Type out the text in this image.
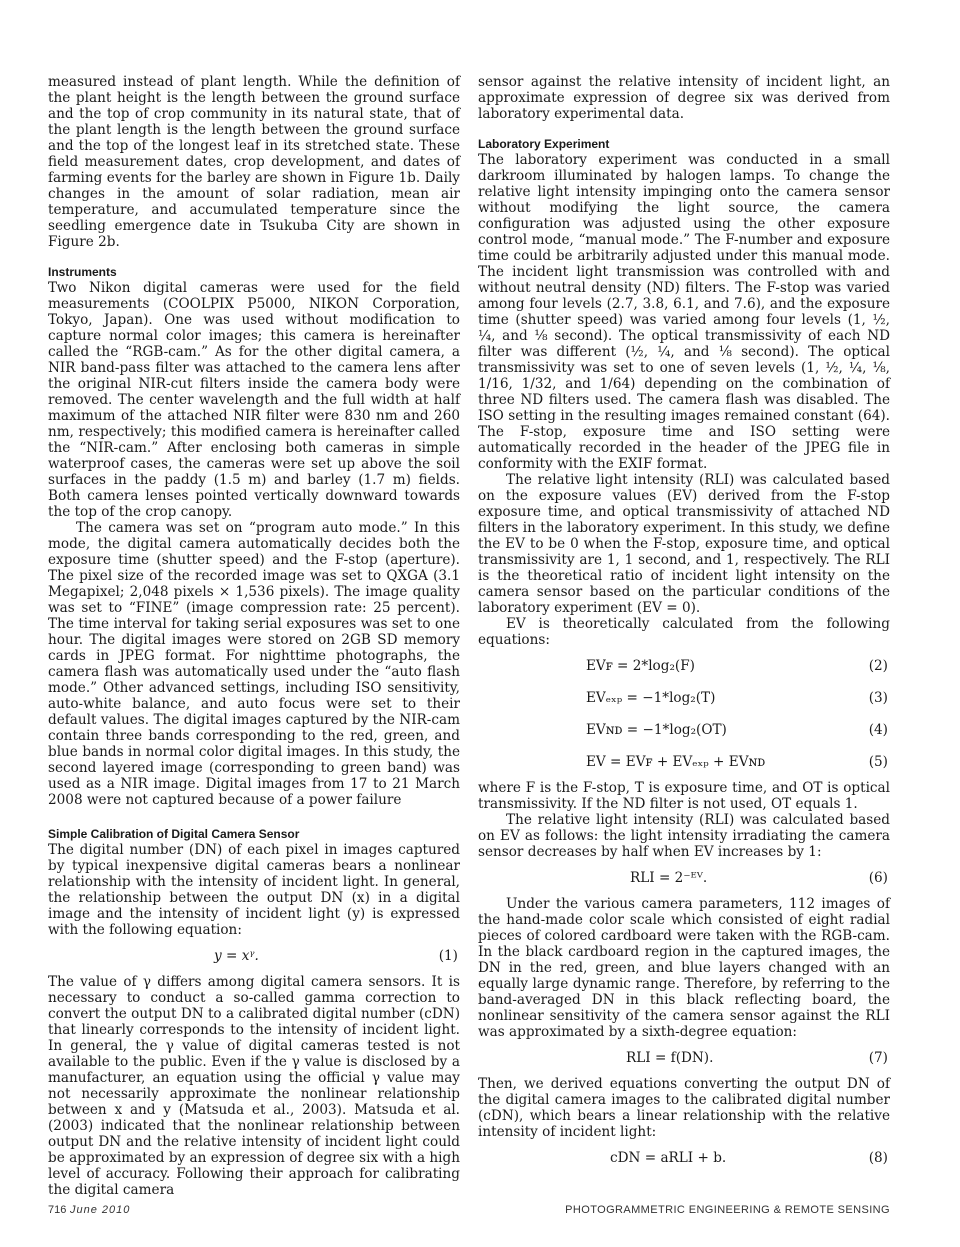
measured instead of plant length. While the definition of the plant height is the length between the ground surface and the top of crop community in its natural state, that of the plant length is the length between the ground surface and the top of the longest leaf in its stretched state. These field measurement dates, crop development, and dates of farming events for the barley are shown in Figure 1b. Daily changes in the amount of solar radiation, mean air temperature, and accumulated temperature since the seedling emergence date in Tsukuba City are shown in Figure 2b.

Instruments

Two Nikon digital cameras were used for the field measurements (COOLPIX P5000, NIKON Corporation, Tokyo, Japan). One was used without modification to capture normal color images; this camera is hereinafter called the “RGB-cam.” As for the other digital camera, a NIR band-pass filter was attached to the camera lens after the original NIR-cut filters inside the camera body were removed. The center wavelength and the full width at half maximum of the attached NIR filter were 830 nm and 260 nm, respectively; this modified camera is hereinafter called the “NIR-cam.” After enclosing both cameras in simple waterproof cases, the cameras were set up above the soil surfaces in the paddy (1.5 m) and barley (1.7 m) fields. Both camera lenses pointed vertically downward towards the top of the crop canopy.

The camera was set on “program auto mode.” In this mode, the digital camera automatically decides both the exposure time (shutter speed) and the F-stop (aperture). The pixel size of the recorded image was set to QXGA (3.1 Megapixel; 2,048 pixels × 1,536 pixels). The image quality was set to “FINE” (image compression rate: 25 percent). The time interval for taking serial exposures was set to one hour. The digital images were stored on 2GB SD memory cards in JPEG format. For nighttime photographs, the camera flash was automatically used under the “auto flash mode.” Other advanced settings, including ISO sensitivity, auto-white balance, and auto focus were set to their default values. The digital images captured by the NIR-cam contain three bands corresponding to the red, green, and blue bands in normal color digital images. In this study, the second layered image (corresponding to green band) was used as a NIR image. Digital images from 17 to 21 March 2008 were not captured because of a power failure

Simple Calibration of Digital Camera Sensor

The digital number (DN) of each pixel in images captured by typical inexpensive digital cameras bears a nonlinear relationship with the intensity of incident light. In general, the relationship between the output DN (x) in a digital image and the intensity of incident light (y) is expressed with the following equation:

y = xᵞ.	(1)

The value of γ differs among digital camera sensors. It is necessary to conduct a so-called gamma correction to convert the output DN to a calibrated digital number (cDN) that linearly corresponds to the intensity of incident light. In general, the γ value of digital cameras tested is not available to the public. Even if the γ value is disclosed by a manufacturer, an equation using the official γ value may not necessarily approximate the nonlinear relationship between x and y (Matsuda et al., 2003). Matsuda et al. (2003) indicated that the nonlinear relationship between output DN and the relative intensity of incident light could be approximated by an expression of degree six with a high level of accuracy. Following their approach for calibrating the digital camera

sensor against the relative intensity of incident light, an approximate expression of degree six was derived from laboratory experimental data.

Laboratory Experiment

The laboratory experiment was conducted in a small darkroom illuminated by halogen lamps. To change the relative light intensity impinging onto the camera sensor without modifying the light source, the camera configuration was adjusted using the other exposure control mode, “manual mode.” The F-number and exposure time could be arbitrarily adjusted under this manual mode. The incident light transmission was controlled with and without neutral density (ND) filters. The F-stop was varied among four levels (2.7, 3.8, 6.1, and 7.6), and the exposure time (shutter speed) was varied among four levels (1, ½, ¼, and ⅛ second). The optical transmissivity of each ND filter was different (½, ¼, and ⅛ second). The optical transmissivity was set to one of seven levels (1, ½, ¼, ⅛, 1/16, 1/32, and 1/64) depending on the combination of three ND filters used. The camera flash was disabled. The ISO setting in the resulting images remained constant (64). The F-stop, exposure time and ISO setting were automatically recorded in the header of the JPEG file in conformity with the EXIF format.

The relative light intensity (RLI) was calculated based on the exposure values (EV) derived from the F-stop exposure time, and optical transmissivity of attached ND filters in the laboratory experiment. In this study, we define the EV to be 0 when the F-stop, exposure time, and optical transmissivity are 1, 1 second, and 1, respectively. The RLI is the theoretical ratio of incident light intensity on the camera sensor based on the particular conditions of the laboratory experiment (EV = 0).

EV is theoretically calculated from the following equations:

EVꜰ = 2*log₂(F)	(2)
EVₑₓₚ = −1*log₂(T)	(3)
EVɴᴅ = −1*log₂(OT)	(4)
EV = EVꜰ + EVₑₓₚ + EVɴᴅ	(5)

where F is the F-stop, T is exposure time, and OT is optical transmissivity. If the ND filter is not used, OT equals 1.

The relative light intensity (RLI) was calculated based on EV as follows: the light intensity irradiating the camera sensor decreases by half when EV increases by 1:

RLI = 2⁻ᴱⱽ.	(6)

Under the various camera parameters, 112 images of the hand-made color scale which consisted of eight radial pieces of colored cardboard were taken with the RGB-cam. In the black cardboard region in the captured images, the DN in the red, green, and blue layers changed with an equally large dynamic range. Therefore, by referring to the band-averaged DN in this black reflecting board, the nonlinear sensitivity of the camera sensor against the RLI was approximated by a sixth-degree equation:

RLI = f(DN).	(7)

Then, we derived equations converting the output DN of the digital camera images to the calibrated digital number (cDN), which bears a linear relationship with the relative intensity of incident light:

cDN = aRLI + b.	(8)
716 June 2010	PHOTOGRAMMETRIC ENGINEERING & REMOTE SENSING
